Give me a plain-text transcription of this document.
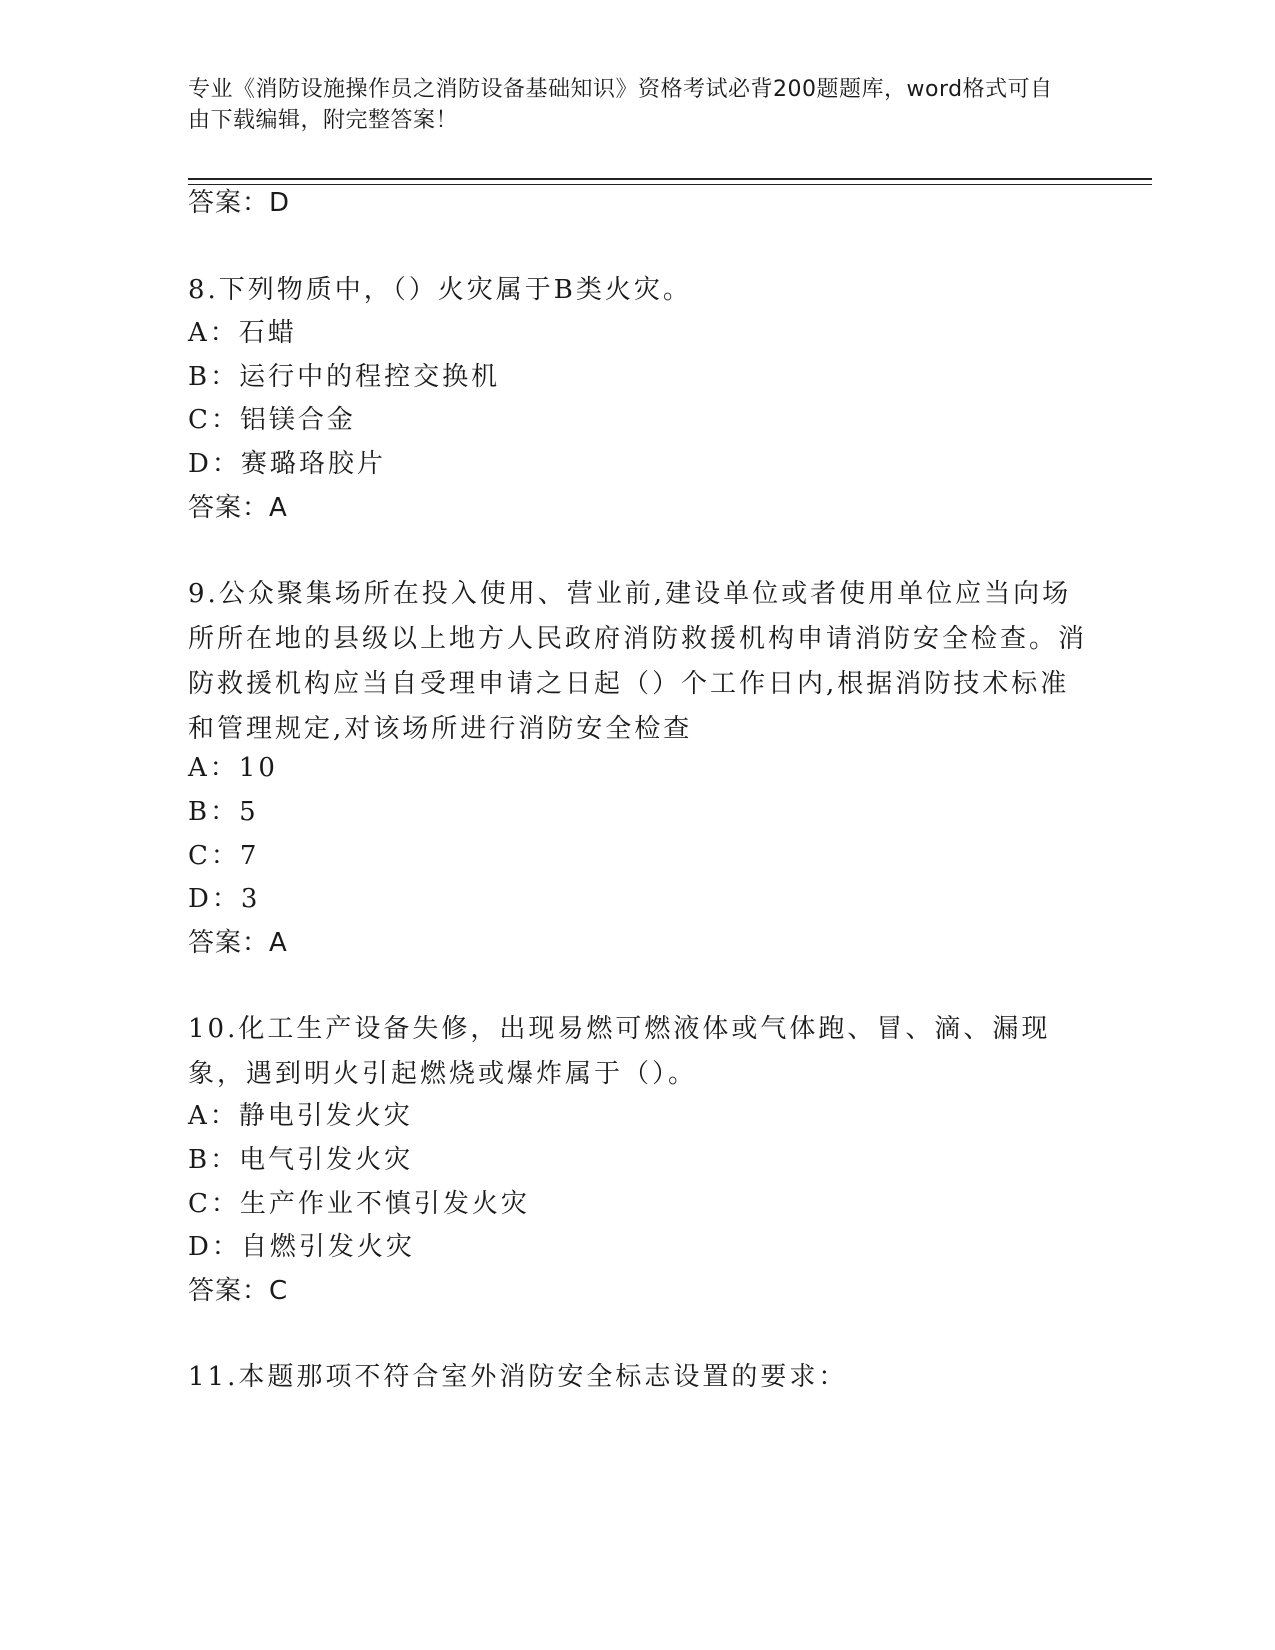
专业《消防设施操作员之消防设备基础知识》资格考试必背200题题库，word格式可自由下载编辑，附完整答案！
答案：D
8.下列物质中，（）火灾属于B类火灾。
A：石蜡
B：运行中的程控交换机
C：铝镁合金
D：赛璐珞胶片
答案：A
9.公众聚集场所在投入使用、营业前,建设单位或者使用单位应当向场所所在地的县级以上地方人民政府消防救援机构申请消防安全检查。消防救援机构应当自受理申请之日起（）个工作日内,根据消防技术标准和管理规定,对该场所进行消防安全检查
A：10
B：5
C：7
D：3
答案：A
10.化工生产设备失修，出现易燃可燃液体或气体跑、冒、滴、漏现象，遇到明火引起燃烧或爆炸属于（）。
A：静电引发火灾
B：电气引发火灾
C：生产作业不慎引发火灾
D：自燃引发火灾
答案：C
11.本题那项不符合室外消防安全标志设置的要求：
